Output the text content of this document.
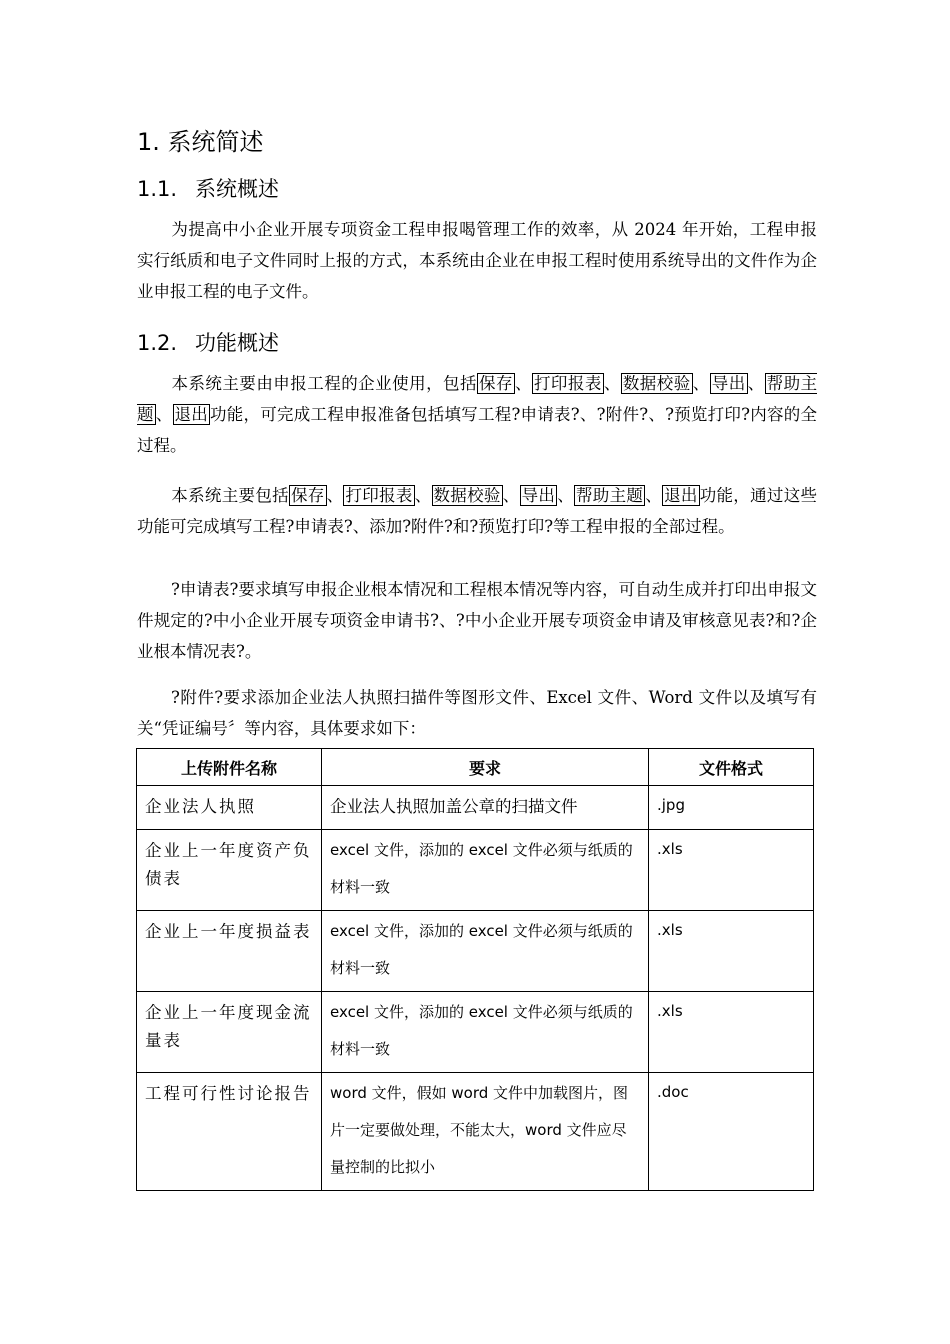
1. 系统简述
1.1. 系统概述
为提高中小企业开展专项资金工程申报喝管理工作的效率，从 2024 年开始，工程申报实行纸质和电子文件同时上报的方式，本系统由企业在申报工程时使用系统导出的文件作为企业申报工程的电子文件。
1.2. 功能概述
本系统主要由申报工程的企业使用，包括 保存 、 打印报表 、 数据校验 、 导出 、 帮助主题 、 退出 功能，可完成工程申报准备包括填写工程?申请表?、?附件?、?预览打印?内容的全过程。
本系统主要包括 保存 、 打印报表 、 数据校验 、 导出 、 帮助主题 、 退出 功能，通过这些功能可完成填写工程?申请表?、添加?附件?和?预览打印?等工程申报的全部过程。
?申请表?要求填写申报企业根本情况和工程根本情况等内容，可自动生成并打印出申报文件规定的?中小企业开展专项资金申请书?、?中小企业开展专项资金申请及审核意见表?和?企业根本情况表?。
?附件?要求添加企业法人执照扫描件等图形文件、Excel 文件、Word 文件以及填写有关“凭证编号〞等内容，具体要求如下：
上传附件名称	要求	文件格式
企业法人执照	企业法人执照加盖公章的扫描文件	.jpg
企业上一年度资产负债表	excel 文件，添加的 excel 文件必须与纸质的材料一致	.xls
企业上一年度损益表	excel 文件，添加的 excel 文件必须与纸质的材料一致	.xls
企业上一年度现金流量表	excel 文件，添加的 excel 文件必须与纸质的材料一致	.xls
工程可行性讨论报告	word 文件，假如 word 文件中加载图片，图片一定要做处理，不能太大，word 文件应尽量控制的比拟小	.doc
